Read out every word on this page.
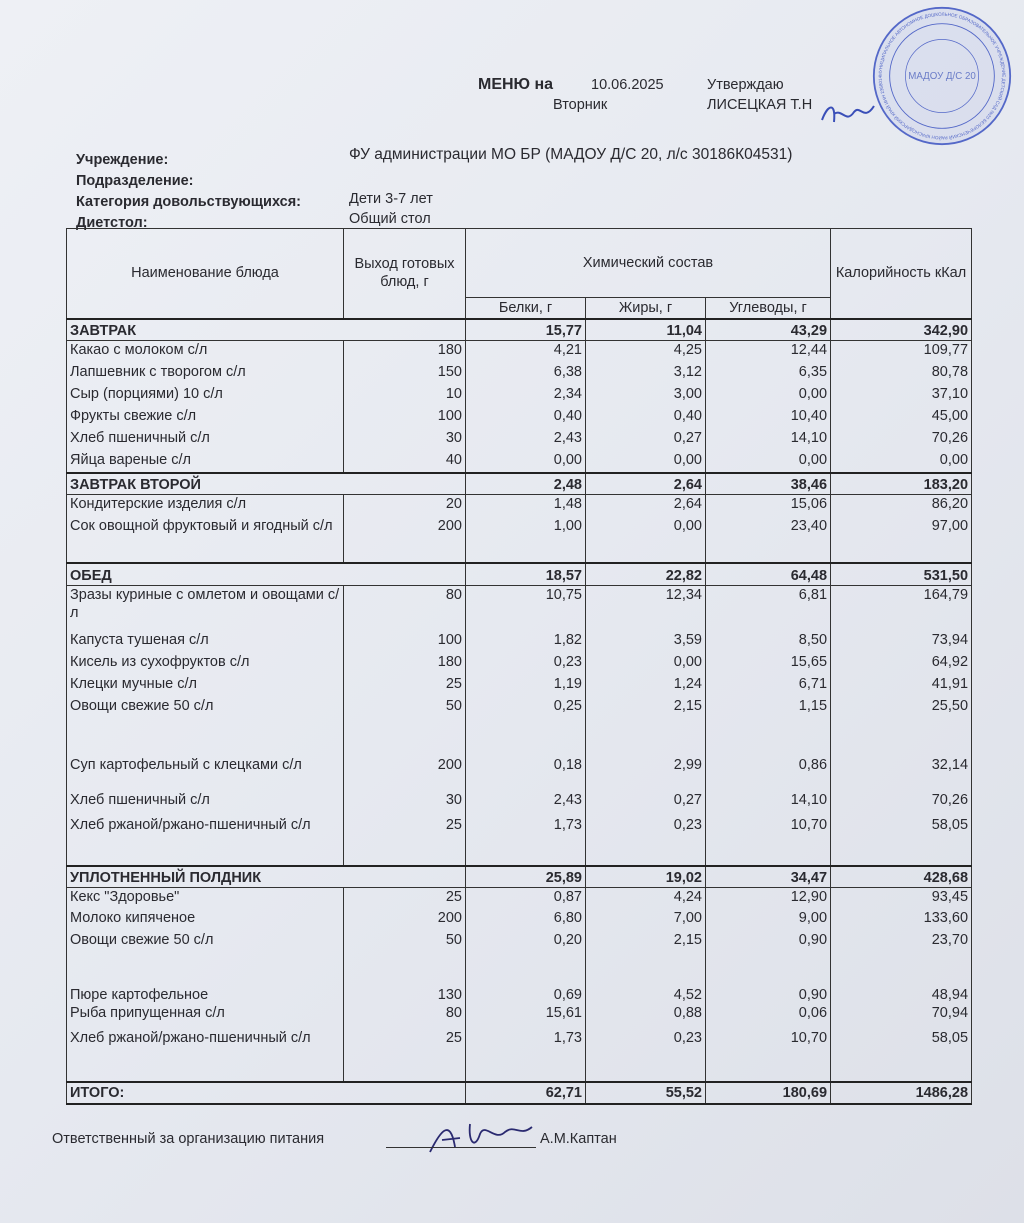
МЕНЮ на	10.06.2025
Вторник
Утверждаю
ЛИСЕЦКАЯ Т.Н
Учреждение:	ФУ администрации МО БР (МАДОУ Д/С 20, л/с 30186К04531)
Подразделение:
Категория довольствующихся:	Дети 3-7 лет
Диетстол:	Общий стол
МУНИЦИПАЛЬНОЕ АВТОНОМНОЕ ДОШКОЛЬНОЕ ОБРАЗОВАТЕЛЬНОЕ УЧРЕЖДЕНИЕ ДЕТСКИЙ САД №20 БЕЛОРЕЧЕНСКИЙ РАЙОН КРАСНОДАРСКИЙ КРАЙ ИНН 2368014	МАДОУ Д/С 20
Наименование блюда	Выход готовых блюд, г	Химический состав			Калорийность кКал
		Белки, г	Жиры, г	Углеводы, г	
ЗАВТРАК		15,77	11,04	43,29	342,90
Какао с молоком с/л	180	4,21	4,25	12,44	109,77
Лапшевник с творогом с/л	150	6,38	3,12	6,35	80,78
Сыр (порциями) 10 с/л	10	2,34	3,00	0,00	37,10
Фрукты свежие с/л	100	0,40	0,40	10,40	45,00
Хлеб пшеничный с/л	30	2,43	0,27	14,10	70,26
Яйца вареные с/л	40	0,00	0,00	0,00	0,00
ЗАВТРАК ВТОРОЙ		2,48	2,64	38,46	183,20
Кондитерские изделия с/л	20	1,48	2,64	15,06	86,20
Сок овощной фруктовый и ягодный с/л	200	1,00	0,00	23,40	97,00
ОБЕД		18,57	22,82	64,48	531,50
Зразы куриные с омлетом и овощами с/л	80	10,75	12,34	6,81	164,79
Капуста тушеная с/л	100	1,82	3,59	8,50	73,94
Кисель из сухофруктов с/л	180	0,23	0,00	15,65	64,92
Клецки мучные с/л	25	1,19	1,24	6,71	41,91
Овощи свежие 50 с/л	50	0,25	2,15	1,15	25,50
Суп картофельный с клецками с/л	200	0,18	2,99	0,86	32,14
Хлеб пшеничный с/л	30	2,43	0,27	14,10	70,26
Хлеб ржаной/ржано-пшеничный с/л	25	1,73	0,23	10,70	58,05
УПЛОТНЕННЫЙ ПОЛДНИК		25,89	19,02	34,47	428,68
Кекс "Здоровье"	25	0,87	4,24	12,90	93,45
Молоко кипяченое	200	6,80	7,00	9,00	133,60
Овощи свежие 50 с/л	50	0,20	2,15	0,90	23,70
Пюре картофельное	130	0,69	4,52	0,90	48,94
Рыба припущенная с/л	80	15,61	0,88	0,06	70,94
Хлеб ржаной/ржано-пшеничный с/л	25	1,73	0,23	10,70	58,05
ИТОГО:		62,71	55,52	180,69	1486,28
Ответственный за организацию питания	А.М.Каптан
